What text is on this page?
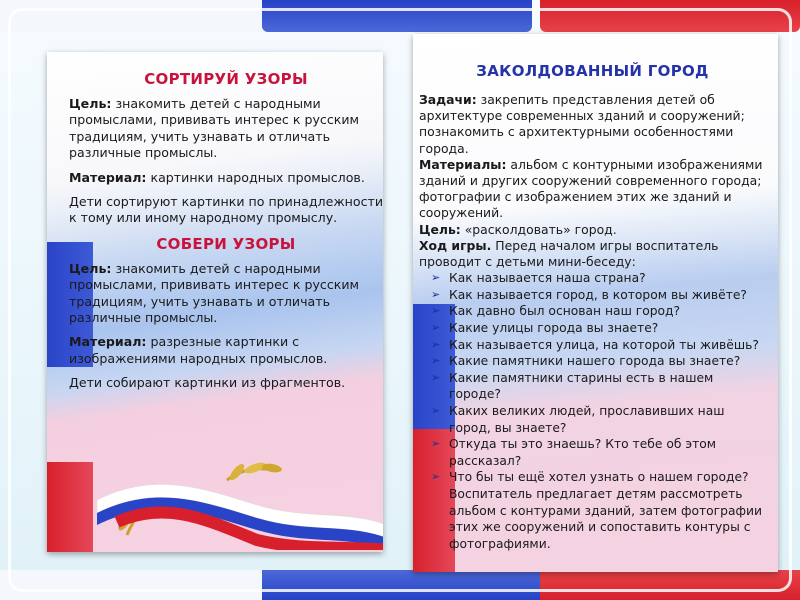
СОРТИРУЙ УЗОРЫ

Цель: знакомить детей с народными промыслами, прививать интерес к русским традициям, учить узнавать и отличать различные промыслы.

Материал: картинки народных промыслов.

Дети сортируют картинки по принадлежности к тому или иному народному промыслу.

СОБЕРИ УЗОРЫ

Цель: знакомить детей с народными промыслами, прививать интерес к русским традициям, учить узнавать и отличать различные промыслы.

Материал: разрезные картинки с изображениями народных промыслов.

Дети собирают картинки из фрагментов.

ЗАКОЛДОВАННЫЙ ГОРОД

Задачи: закрепить представления детей об архитектуре современных зданий и сооружений; познакомить с архитектурными особенностями города.

Материалы: альбом с контурными изображениями зданий и других сооружений современного города; фотографии с изображением этих же зданий и сооружений.

Цель: «расколдовать» город.

Ход игры. Перед началом игры воспитатель проводит с детьми мини-беседу:

➢ Как называется наша страна?
➢ Как называется город, в котором вы живёте?
➢ Как давно был основан наш город?
➢ Какие улицы города вы знаете?
➢ Как называется улица, на которой ты живёшь?
➢ Какие памятники нашего города вы знаете?
➢ Какие памятники старины есть в нашем городе?
➢ Каких великих людей, прославивших наш город, вы знаете?
➢ Откуда ты это знаешь? Кто тебе об этом рассказал?
➢ Что бы ты ещё хотел узнать о нашем городе?

Воспитатель предлагает детям рассмотреть альбом с контурами зданий, затем фотографии этих же сооружений и сопоставить контуры с фотографиями.
